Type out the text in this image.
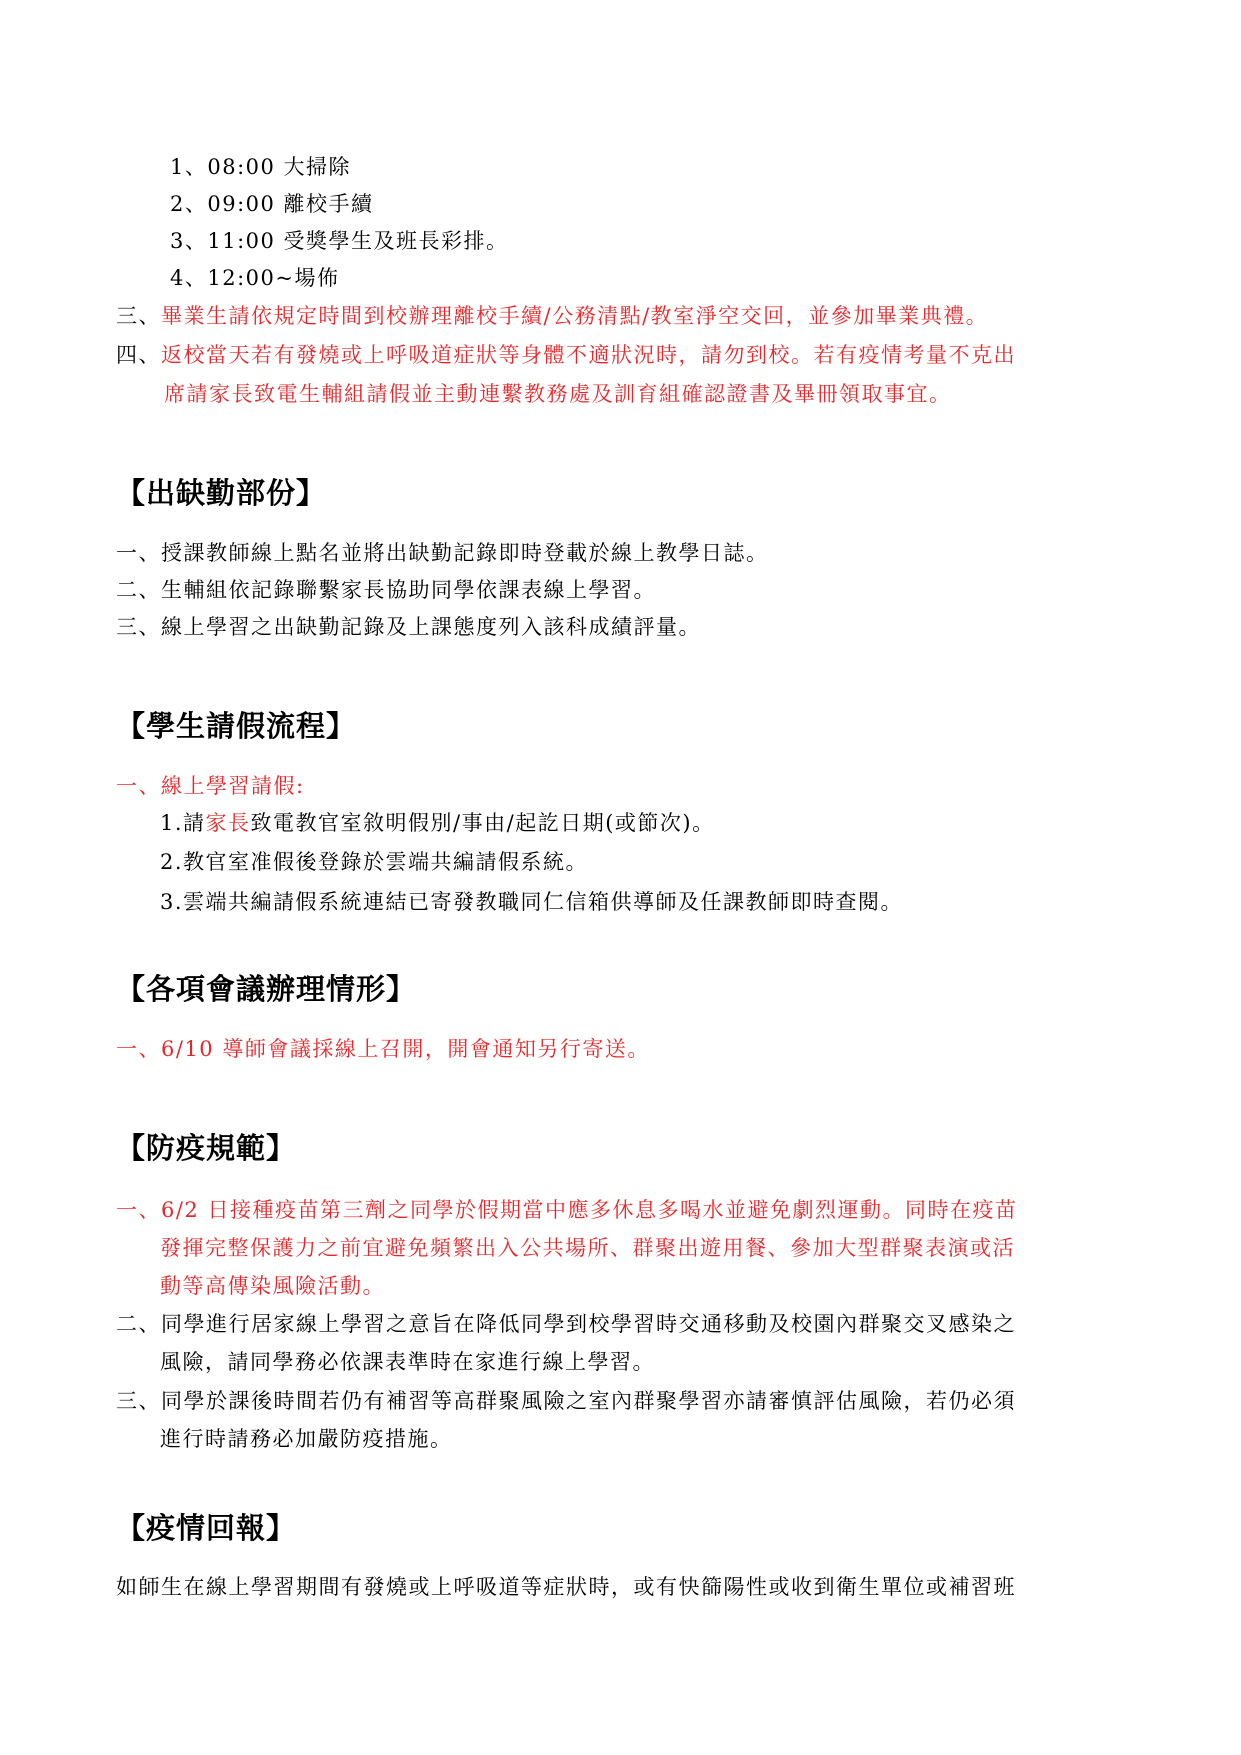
1、08:00 大掃除
2、09:00 離校手續
3、11:00 受獎學生及班長彩排。
4、12:00~場佈
三、畢業生請依規定時間到校辦理離校手續/公務清點/教室淨空交回，並參加畢業典禮。
四、返校當天若有發燒或上呼吸道症狀等身體不適狀況時，請勿到校。若有疫情考量不克出
席請家長致電生輔組請假並主動連繫教務處及訓育組確認證書及畢冊領取事宜。
【出缺勤部份】
一、授課教師線上點名並將出缺勤記錄即時登載於線上教學日誌。
二、生輔組依記錄聯繫家長協助同學依課表線上學習。
三、線上學習之出缺勤記錄及上課態度列入該科成績評量。
【學生請假流程】
一、線上學習請假:
1.請家長致電教官室敘明假別/事由/起訖日期(或節次)。
2.教官室准假後登錄於雲端共編請假系統。
3.雲端共編請假系統連結已寄發教職同仁信箱供導師及任課教師即時查閱。
【各項會議辦理情形】
一、6/10 導師會議採線上召開，開會通知另行寄送。
【防疫規範】
一、6/2 日接種疫苗第三劑之同學於假期當中應多休息多喝水並避免劇烈運動。同時在疫苗
發揮完整保護力之前宜避免頻繁出入公共場所、群聚出遊用餐、參加大型群聚表演或活
動等高傳染風險活動。
二、同學進行居家線上學習之意旨在降低同學到校學習時交通移動及校園內群聚交叉感染之
風險，請同學務必依課表準時在家進行線上學習。
三、同學於課後時間若仍有補習等高群聚風險之室內群聚學習亦請審慎評估風險，若仍必須
進行時請務必加嚴防疫措施。
【疫情回報】
如師生在線上學習期間有發燒或上呼吸道等症狀時，或有快篩陽性或收到衛生單位或補習班
